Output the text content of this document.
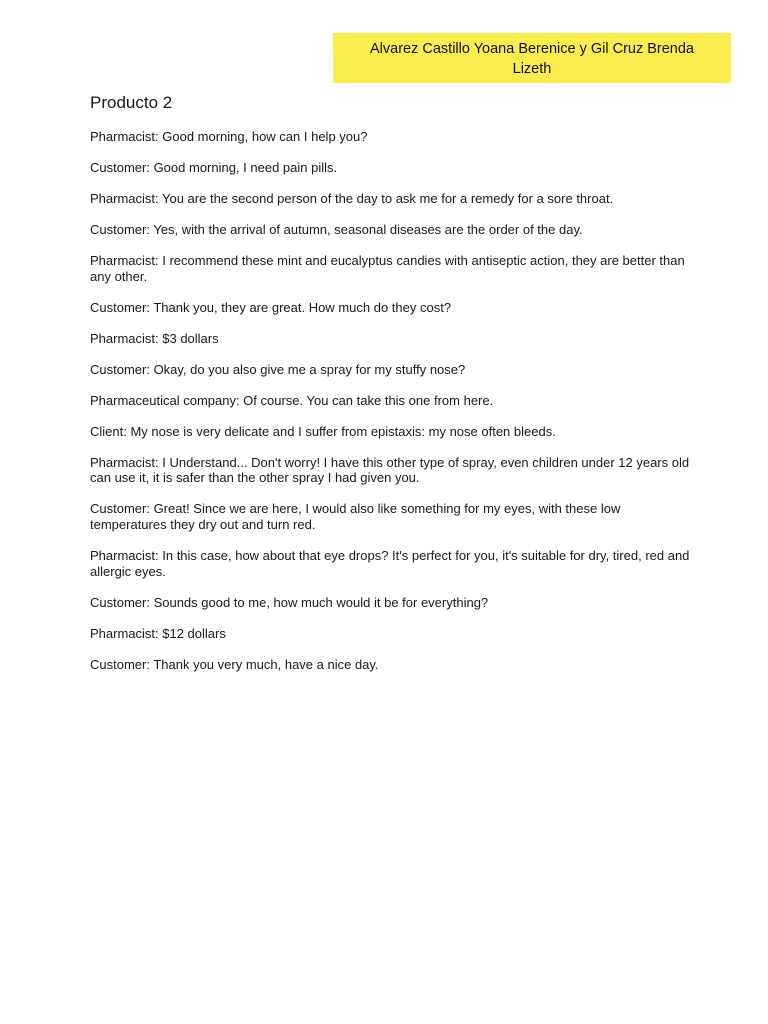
Alvarez Castillo Yoana Berenice y Gil Cruz Brenda Lizeth
Producto 2
Pharmacist: Good morning, how can I help you?
Customer: Good morning, I need pain pills.
Pharmacist: You are the second person of the day to ask me for a remedy for a sore throat.
Customer: Yes, with the arrival of autumn, seasonal diseases are the order of the day.
Pharmacist: I recommend these mint and eucalyptus candies with antiseptic action, they are better than any other.
Customer: Thank you, they are great. How much do they cost?
Pharmacist: $3 dollars
Customer: Okay, do you also give me a spray for my stuffy nose?
Pharmaceutical company: Of course. You can take this one from here.
Client: My nose is very delicate and I suffer from epistaxis: my nose often bleeds.
Pharmacist: I Understand... Don't worry! I have this other type of spray, even children under 12 years old can use it, it is safer than the other spray I had given you.
Customer: Great! Since we are here, I would also like something for my eyes, with these low temperatures they dry out and turn red.
Pharmacist: In this case, how about that eye drops? It's perfect for you, it's suitable for dry, tired, red and allergic eyes.
Customer: Sounds good to me, how much would it be for everything?
Pharmacist: $12 dollars
Customer: Thank you very much, have a nice day.
